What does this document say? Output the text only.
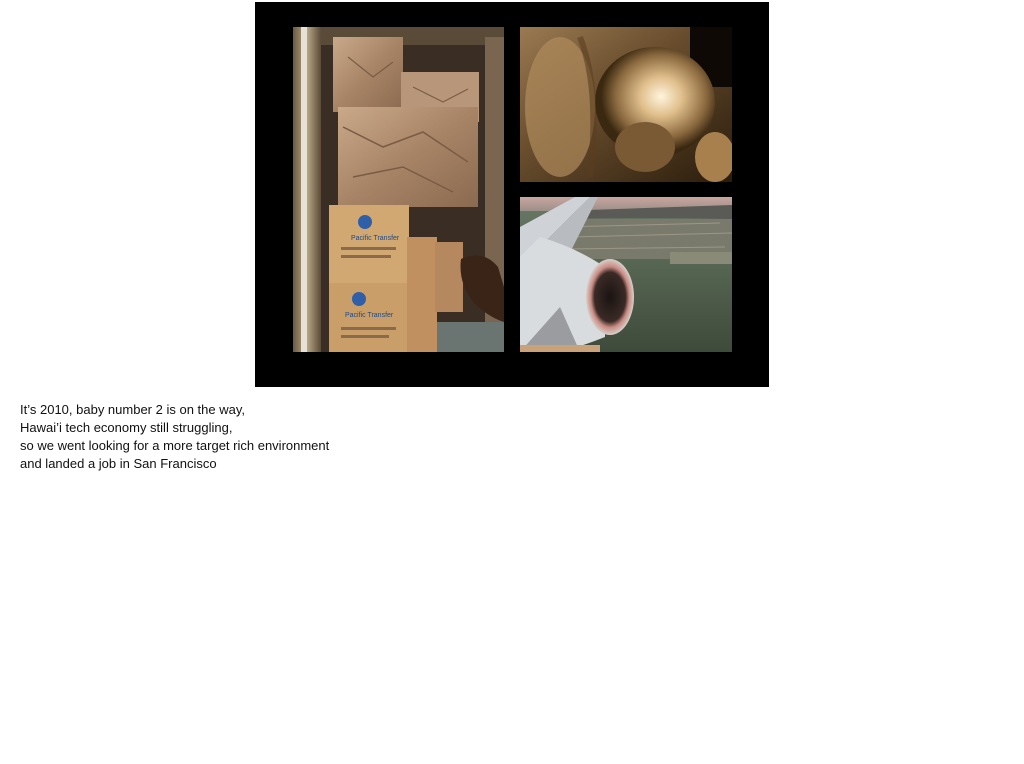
Pacific Transfer
Pacific Transfer
It’s 2010, baby number 2 is on the way,
Hawai’i tech economy still struggling,
so we went looking for a more target rich environment
and landed a job in San Francisco
